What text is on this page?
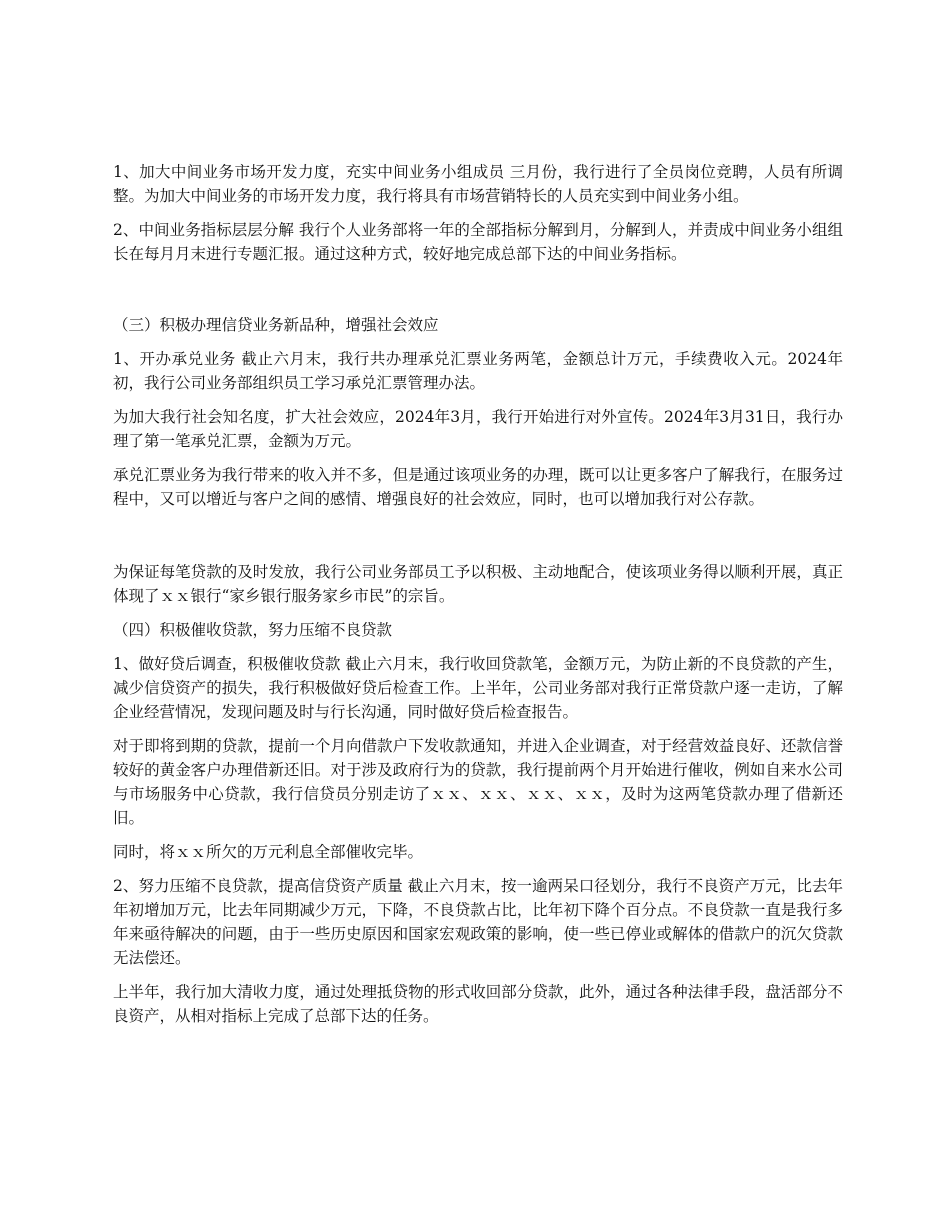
1、加大中间业务市场开发力度，充实中间业务小组成员 三月份，我行进行了全员岗位竞聘，人员有所调整。为加大中间业务的市场开发力度，我行将具有市场营销特长的人员充实到中间业务小组。

2、中间业务指标层层分解 我行个人业务部将一年的全部指标分解到月，分解到人，并责成中间业务小组组长在每月月末进行专题汇报。通过这种方式，较好地完成总部下达的中间业务指标。

（三）积极办理信贷业务新品种，增强社会效应

1、开办承兑业务 截止六月末，我行共办理承兑汇票业务两笔，金额总计万元，手续费收入元。2024年初，我行公司业务部组织员工学习承兑汇票管理办法。

为加大我行社会知名度，扩大社会效应，2024年3月，我行开始进行对外宣传。2024年3月31日，我行办理了第一笔承兑汇票，金额为万元。

承兑汇票业务为我行带来的收入并不多，但是通过该项业务的办理，既可以让更多客户了解我行，在服务过程中，又可以增近与客户之间的感情、增强良好的社会效应，同时，也可以增加我行对公存款。

为保证每笔贷款的及时发放，我行公司业务部员工予以积极、主动地配合，使该项业务得以顺利开展，真正体现了ｘｘ银行“家乡银行服务家乡市民”的宗旨。

（四）积极催收贷款，努力压缩不良贷款

1、做好贷后调查，积极催收贷款 截止六月末，我行收回贷款笔，金额万元，为防止新的不良贷款的产生，减少信贷资产的损失，我行积极做好贷后检查工作。上半年，公司业务部对我行正常贷款户逐一走访，了解企业经营情况，发现问题及时与行长沟通，同时做好贷后检查报告。

对于即将到期的贷款，提前一个月向借款户下发收款通知，并进入企业调查，对于经营效益良好、还款信誉较好的黄金客户办理借新还旧。对于涉及政府行为的贷款，我行提前两个月开始进行催收，例如自来水公司与市场服务中心贷款，我行信贷员分别走访了ｘｘ、ｘｘ、ｘｘ、ｘｘ，及时为这两笔贷款办理了借新还旧。

同时，将ｘｘ所欠的万元利息全部催收完毕。

2、努力压缩不良贷款，提高信贷资产质量 截止六月末，按一逾两呆口径划分，我行不良资产万元，比去年年初增加万元，比去年同期减少万元，下降，不良贷款占比，比年初下降个百分点。不良贷款一直是我行多年来亟待解决的问题，由于一些历史原因和国家宏观政策的影响，使一些已停业或解体的借款户的沉欠贷款无法偿还。

上半年，我行加大清收力度，通过处理抵贷物的形式收回部分贷款，此外，通过各种法律手段，盘活部分不良资产，从相对指标上完成了总部下达的任务。
